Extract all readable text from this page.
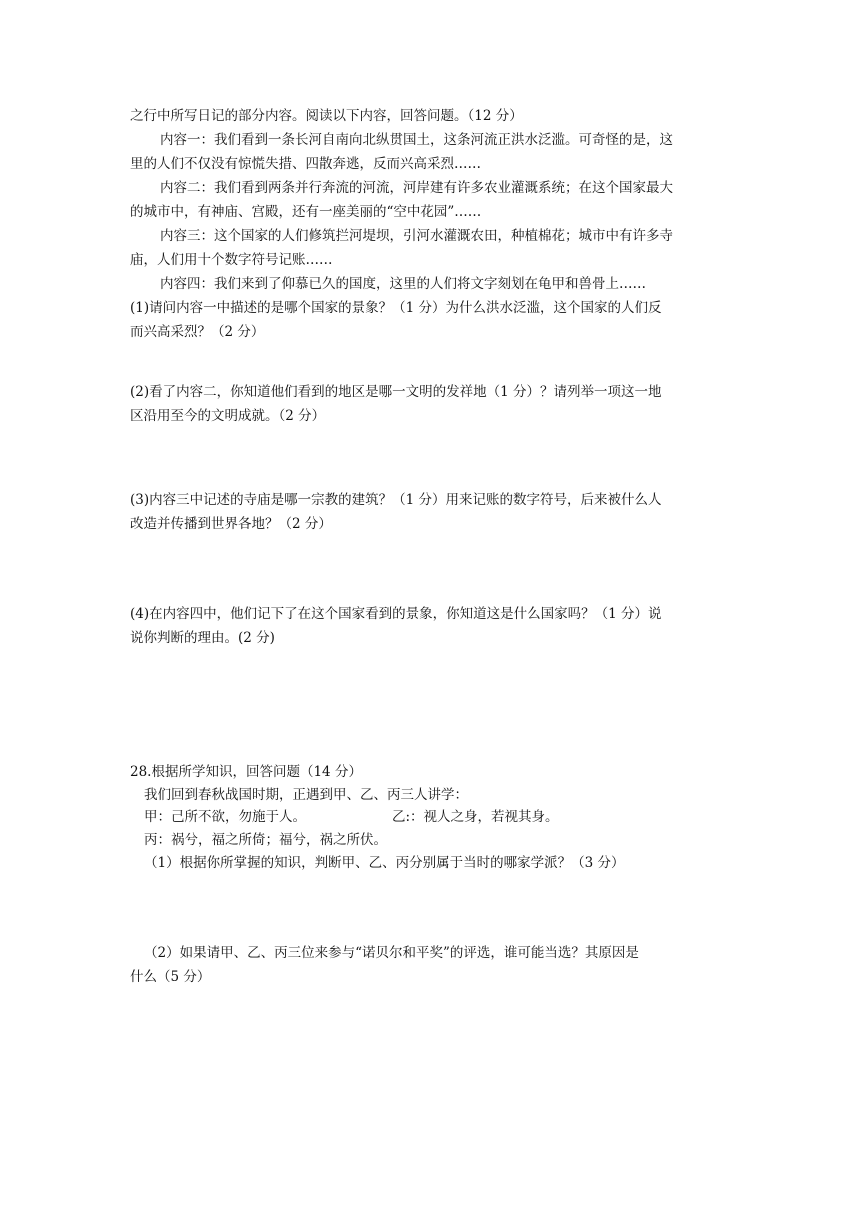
之行中所写日记的部分内容。阅读以下内容，回答问题。（12 分）
内容一：我们看到一条长河自南向北纵贯国土，这条河流正洪水泛滥。可奇怪的是，这
里的人们不仅没有惊慌失措、四散奔逃，反而兴高采烈……
内容二：我们看到两条并行奔流的河流，河岸建有许多农业灌溉系统；在这个国家最大
的城市中，有神庙、宫殿，还有一座美丽的“空中花园”……
内容三：这个国家的人们修筑拦河堤坝，引河水灌溉农田，种植棉花；城市中有许多寺
庙，人们用十个数字符号记账……
内容四：我们来到了仰慕已久的国度，这里的人们将文字刻划在龟甲和兽骨上……
(1)请问内容一中描述的是哪个国家的景象？（1 分）为什么洪水泛滥，这个国家的人们反
而兴高采烈？（2 分）
(2)看了内容二，你知道他们看到的地区是哪一文明的发祥地（1 分）？请列举一项这一地
区沿用至今的文明成就。（2 分）
(3)内容三中记述的寺庙是哪一宗教的建筑？（1 分）用来记账的数字符号，后来被什么人
改造并传播到世界各地？（2 分）
(4)在内容四中，他们记下了在这个国家看到的景象，你知道这是什么国家吗？（1 分）说
说你判断的理由。(2 分)
28.根据所学知识，回答问题（14 分）
我们回到春秋战国时期，正遇到甲、乙、丙三人讲学：
甲：己所不欲，勿施于人。	乙:：视人之身，若视其身。
丙：祸兮，福之所倚；福兮，祸之所伏。
（1）根据你所掌握的知识，判断甲、乙、丙分别属于当时的哪家学派？（3 分）
（2）如果请甲、乙、丙三位来参与“诺贝尔和平奖”的评选，谁可能当选？其原因是
什么（5 分）
